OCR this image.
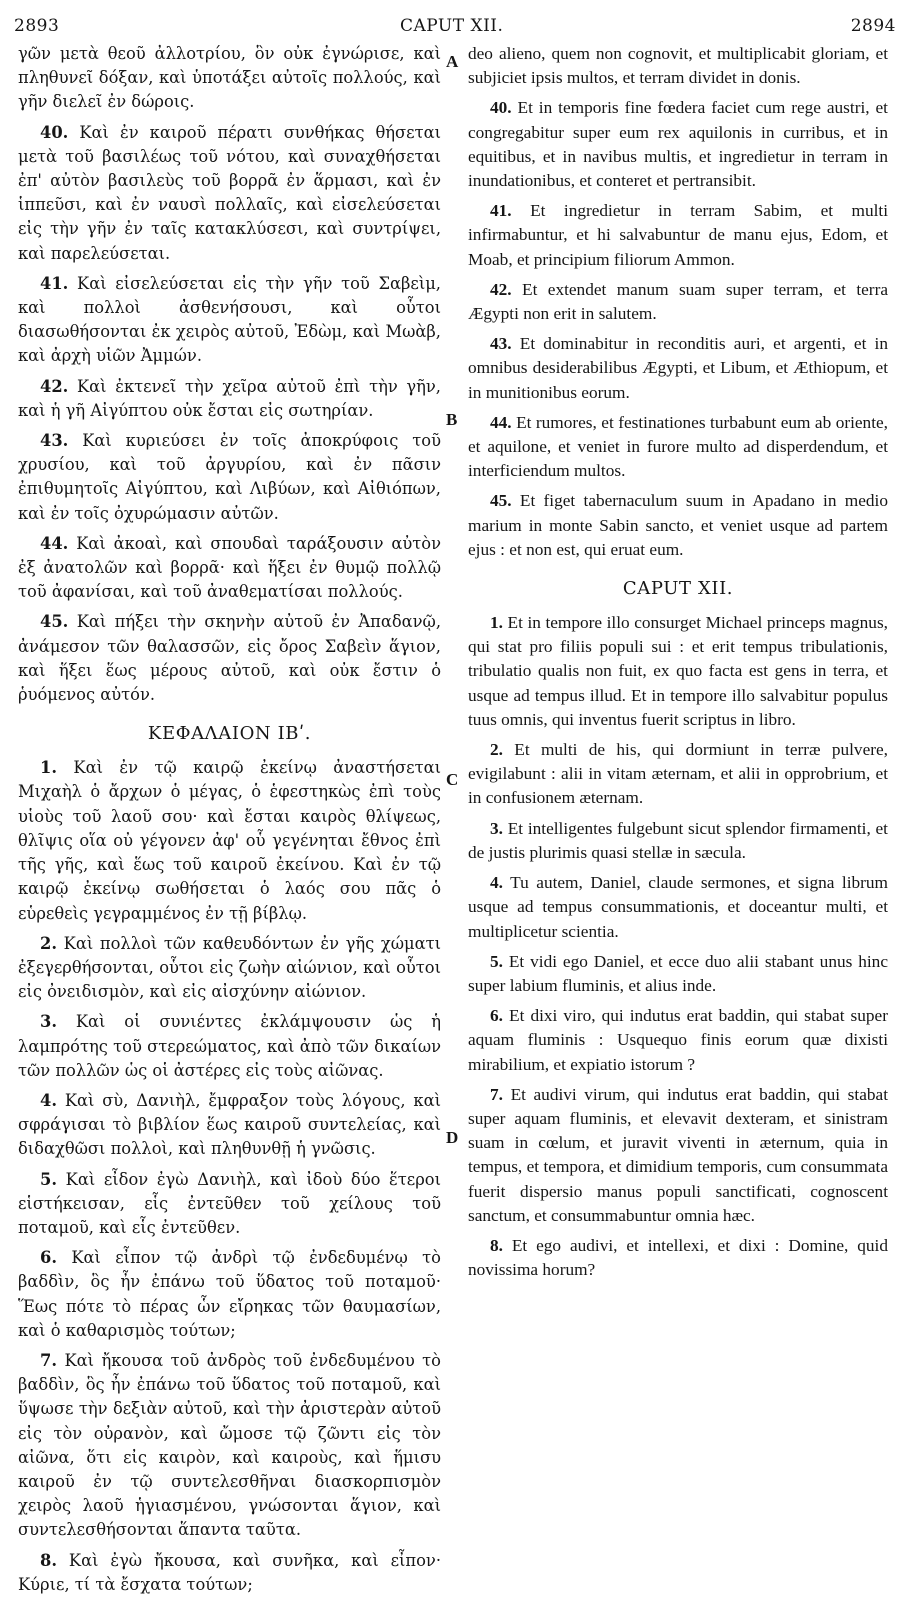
2893	CAPUT XII.	2894
A
B
C
D

γῶν μετὰ θεοῦ ἀλλοτρίου, ὃν οὐκ ἐγνώρισε, καὶ πληθυνεῖ δόξαν, καὶ ὑποτάξει αὐτοῖς πολλούς, καὶ γῆν διελεῖ ἐν δώροις.

40. Καὶ ἐν καιροῦ πέρατι συνθήκας θήσεται μετὰ τοῦ βασιλέως τοῦ νότου, καὶ συναχθήσεται ἐπ' αὐτὸν βασιλεὺς τοῦ βορρᾶ ἐν ἅρμασι, καὶ ἐν ἱππεῦσι, καὶ ἐν ναυσὶ πολλαῖς, καὶ εἰσελεύσεται εἰς τὴν γῆν ἐν ταῖς κατακλύσεσι, καὶ συντρίψει, καὶ παρελεύσεται.

41. Καὶ εἰσελεύσεται εἰς τὴν γῆν τοῦ Σαβεὶμ, καὶ πολλοὶ ἀσθενήσουσι, καὶ οὗτοι διασωθήσονται ἐκ χειρὸς αὐτοῦ, Ἐδὼμ, καὶ Μωὰβ, καὶ ἀρχὴ υἱῶν Ἀμμών.

42. Καὶ ἐκτενεῖ τὴν χεῖρα αὐτοῦ ἐπὶ τὴν γῆν, καὶ ἡ γῆ Αἰγύπτου οὐκ ἔσται εἰς σωτηρίαν.

43. Καὶ κυριεύσει ἐν τοῖς ἀποκρύφοις τοῦ χρυσίου, καὶ τοῦ ἀργυρίου, καὶ ἐν πᾶσιν ἐπιθυμητοῖς Αἰγύπτου, καὶ Λιβύων, καὶ Αἰθιόπων, καὶ ἐν τοῖς ὀχυρώμασιν αὐτῶν.

44. Καὶ ἀκοαὶ, καὶ σπουδαὶ ταράξουσιν αὐτὸν ἐξ ἀνατολῶν καὶ βορρᾶ· καὶ ἥξει ἐν θυμῷ πολλῷ τοῦ ἀφανίσαι, καὶ τοῦ ἀναθεματίσαι πολλούς.

45. Καὶ πήξει τὴν σκηνὴν αὐτοῦ ἐν Ἀπαδανῷ, ἀνάμεσον τῶν θαλασσῶν, εἰς ὄρος Σαβεὶν ἅγιον, καὶ ἥξει ἕως μέρους αὐτοῦ, καὶ οὐκ ἔστιν ὁ ῥυόμενος αὐτόν.

ΚΕΦΑΛΑΙΟΝ ΙΒʹ.

1. Καὶ ἐν τῷ καιρῷ ἐκείνῳ ἀναστήσεται Μιχαὴλ ὁ ἄρχων ὁ μέγας, ὁ ἑφεστηκὼς ἐπὶ τοὺς υἱοὺς τοῦ λαοῦ σου· καὶ ἔσται καιρὸς θλίψεως, θλῖψις οἵα οὐ γέγονεν ἀφ' οὗ γεγένηται ἔθνος ἐπὶ τῆς γῆς, καὶ ἕως τοῦ καιροῦ ἐκείνου. Καὶ ἐν τῷ καιρῷ ἐκείνῳ σωθήσεται ὁ λαός σου πᾶς ὁ εὑρεθεὶς γεγραμμένος ἐν τῇ βίβλῳ.

2. Καὶ πολλοὶ τῶν καθευδόντων ἐν γῆς χώματι ἐξεγερθήσονται, οὗτοι εἰς ζωὴν αἰώνιον, καὶ οὗτοι εἰς ὀνειδισμὸν, καὶ εἰς αἰσχύνην αἰώνιον.

3. Καὶ οἱ συνιέντες ἐκλάμψουσιν ὡς ἡ λαμπρότης τοῦ στερεώματος, καὶ ἀπὸ τῶν δικαίων τῶν πολλῶν ὡς οἱ ἀστέρες εἰς τοὺς αἰῶνας.

4. Καὶ σὺ, Δανιὴλ, ἔμφραξον τοὺς λόγους, καὶ σφράγισαι τὸ βιβλίον ἕως καιροῦ συντελείας, καὶ διδαχθῶσι πολλοὶ, καὶ πληθυνθῇ ἡ γνῶσις.

5. Καὶ εἶδον ἐγὼ Δανιὴλ, καὶ ἰδοὺ δύο ἕτεροι εἱστήκεισαν, εἷς ἐντεῦθεν τοῦ χείλους τοῦ ποταμοῦ, καὶ εἷς ἐντεῦθεν.

6. Καὶ εἶπον τῷ ἀνδρὶ τῷ ἐνδεδυμένῳ τὸ βαδδὶν, ὃς ἦν ἐπάνω τοῦ ὕδατος τοῦ ποταμοῦ· Ἕως πότε τὸ πέρας ὧν εἴρηκας τῶν θαυμασίων, καὶ ὁ καθαρισμὸς τούτων;

7. Καὶ ἤκουσα τοῦ ἀνδρὸς τοῦ ἐνδεδυμένου τὸ βαδδὶν, ὃς ἦν ἐπάνω τοῦ ὕδατος τοῦ ποταμοῦ, καὶ ὕψωσε τὴν δεξιὰν αὐτοῦ, καὶ τὴν ἀριστερὰν αὐτοῦ εἰς τὸν οὐρανὸν, καὶ ὤμοσε τῷ ζῶντι εἰς τὸν αἰῶνα, ὅτι εἰς καιρὸν, καὶ καιροὺς, καὶ ἥμισυ καιροῦ ἐν τῷ συντελεσθῆναι διασκορπισμὸν χειρὸς λαοῦ ἡγιασμένου, γνώσονται ἅγιον, καὶ συντελεσθήσονται ἅπαντα ταῦτα.

8. Καὶ ἐγὼ ἤκουσα, καὶ συνῆκα, καὶ εἶπον· Κύριε, τί τὰ ἔσχατα τούτων;

deo alieno, quem non cognovit, et multiplicabit gloriam, et subjiciet ipsis multos, et terram dividet in donis.

40. Et in temporis fine fœdera faciet cum rege austri, et congregabitur super eum rex aquilonis in curribus, et in equitibus, et in navibus multis, et ingredietur in terram in inundationibus, et conteret et pertransibit.

41. Et ingredietur in terram Sabim, et multi infirmabuntur, et hi salvabuntur de manu ejus, Edom, et Moab, et principium filiorum Ammon.

42. Et extendet manum suam super terram, et terra Ægypti non erit in salutem.

43. Et dominabitur in reconditis auri, et argenti, et in omnibus desiderabilibus Ægypti, et Libum, et Æthiopum, et in munitionibus eorum.

44. Et rumores, et festinationes turbabunt eum ab oriente, et aquilone, et veniet in furore multo ad disperdendum, et interficiendum multos.

45. Et figet tabernaculum suum in Apadano in medio marium in monte Sabin sancto, et veniet usque ad partem ejus : et non est, qui eruat eum.

CAPUT XII.

1. Et in tempore illo consurget Michael princeps magnus, qui stat pro filiis populi sui : et erit tempus tribulationis, tribulatio qualis non fuit, ex quo facta est gens in terra, et usque ad tempus illud. Et in tempore illo salvabitur populus tuus omnis, qui inventus fuerit scriptus in libro.

2. Et multi de his, qui dormiunt in terræ pulvere, evigilabunt : alii in vitam æternam, et alii in opprobrium, et in confusionem æternam.

3. Et intelligentes fulgebunt sicut splendor firmamenti, et de justis plurimis quasi stellæ in sæcula.

4. Tu autem, Daniel, claude sermones, et signa librum usque ad tempus consummationis, et doceantur multi, et multiplicetur scientia.

5. Et vidi ego Daniel, et ecce duo alii stabant unus hinc super labium fluminis, et alius inde.

6. Et dixi viro, qui indutus erat baddin, qui stabat super aquam fluminis : Usquequo finis eorum quæ dixisti mirabilium, et expiatio istorum ?

7. Et audivi virum, qui indutus erat baddin, qui stabat super aquam fluminis, et elevavit dexteram, et sinistram suam in cœlum, et juravit viventi in æternum, quia in tempus, et tempora, et dimidium temporis, cum consummata fuerit dispersio manus populi sanctificati, cognoscent sanctum, et consummabuntur omnia hæc.

8. Et ego audivi, et intellexi, et dixi : Domine, quid novissima horum?
